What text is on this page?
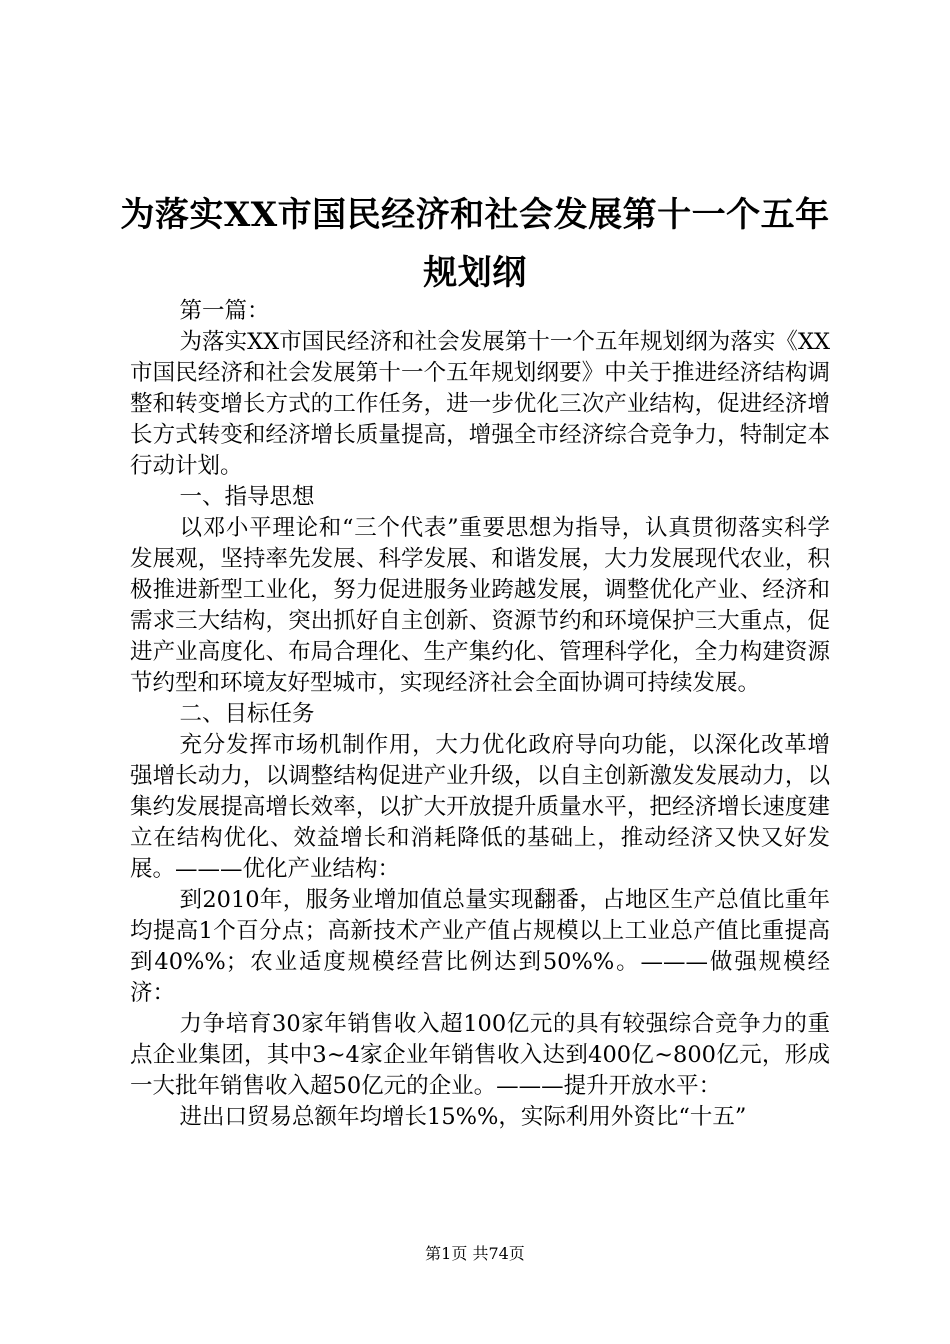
为落实XX市国民经济和社会发展第十一个五年规划纲

第一篇：

为落实XX市国民经济和社会发展第十一个五年规划纲为落实《XX市国民经济和社会发展第十一个五年规划纲要》中关于推进经济结构调整和转变增长方式的工作任务，进一步优化三次产业结构，促进经济增长方式转变和经济增长质量提高，增强全市经济综合竞争力，特制定本行动计划。

一、指导思想

以邓小平理论和“三个代表”重要思想为指导，认真贯彻落实科学发展观，坚持率先发展、科学发展、和谐发展，大力发展现代农业，积极推进新型工业化，努力促进服务业跨越发展，调整优化产业、经济和需求三大结构，突出抓好自主创新、资源节约和环境保护三大重点，促进产业高度化、布局合理化、生产集约化、管理科学化，全力构建资源节约型和环境友好型城市，实现经济社会全面协调可持续发展。

二、目标任务

充分发挥市场机制作用，大力优化政府导向功能，以深化改革增强增长动力，以调整结构促进产业升级，以自主创新激发发展动力，以集约发展提高增长效率，以扩大开放提升质量水平，把经济增长速度建立在结构优化、效益增长和消耗降低的基础上，推动经济又快又好发展。———优化产业结构：

到2010年，服务业增加值总量实现翻番，占地区生产总值比重年均提高1个百分点；高新技术产业产值占规模以上工业总产值比重提高到40%%；农业适度规模经营比例达到50%%。———做强规模经济：

力争培育30家年销售收入超100亿元的具有较强综合竞争力的重点企业集团，其中3~4家企业年销售收入达到400亿~800亿元，形成一大批年销售收入超50亿元的企业。———提升开放水平：

进出口贸易总额年均增长15%%，实际利用外资比“十五”

第1页 共74页
